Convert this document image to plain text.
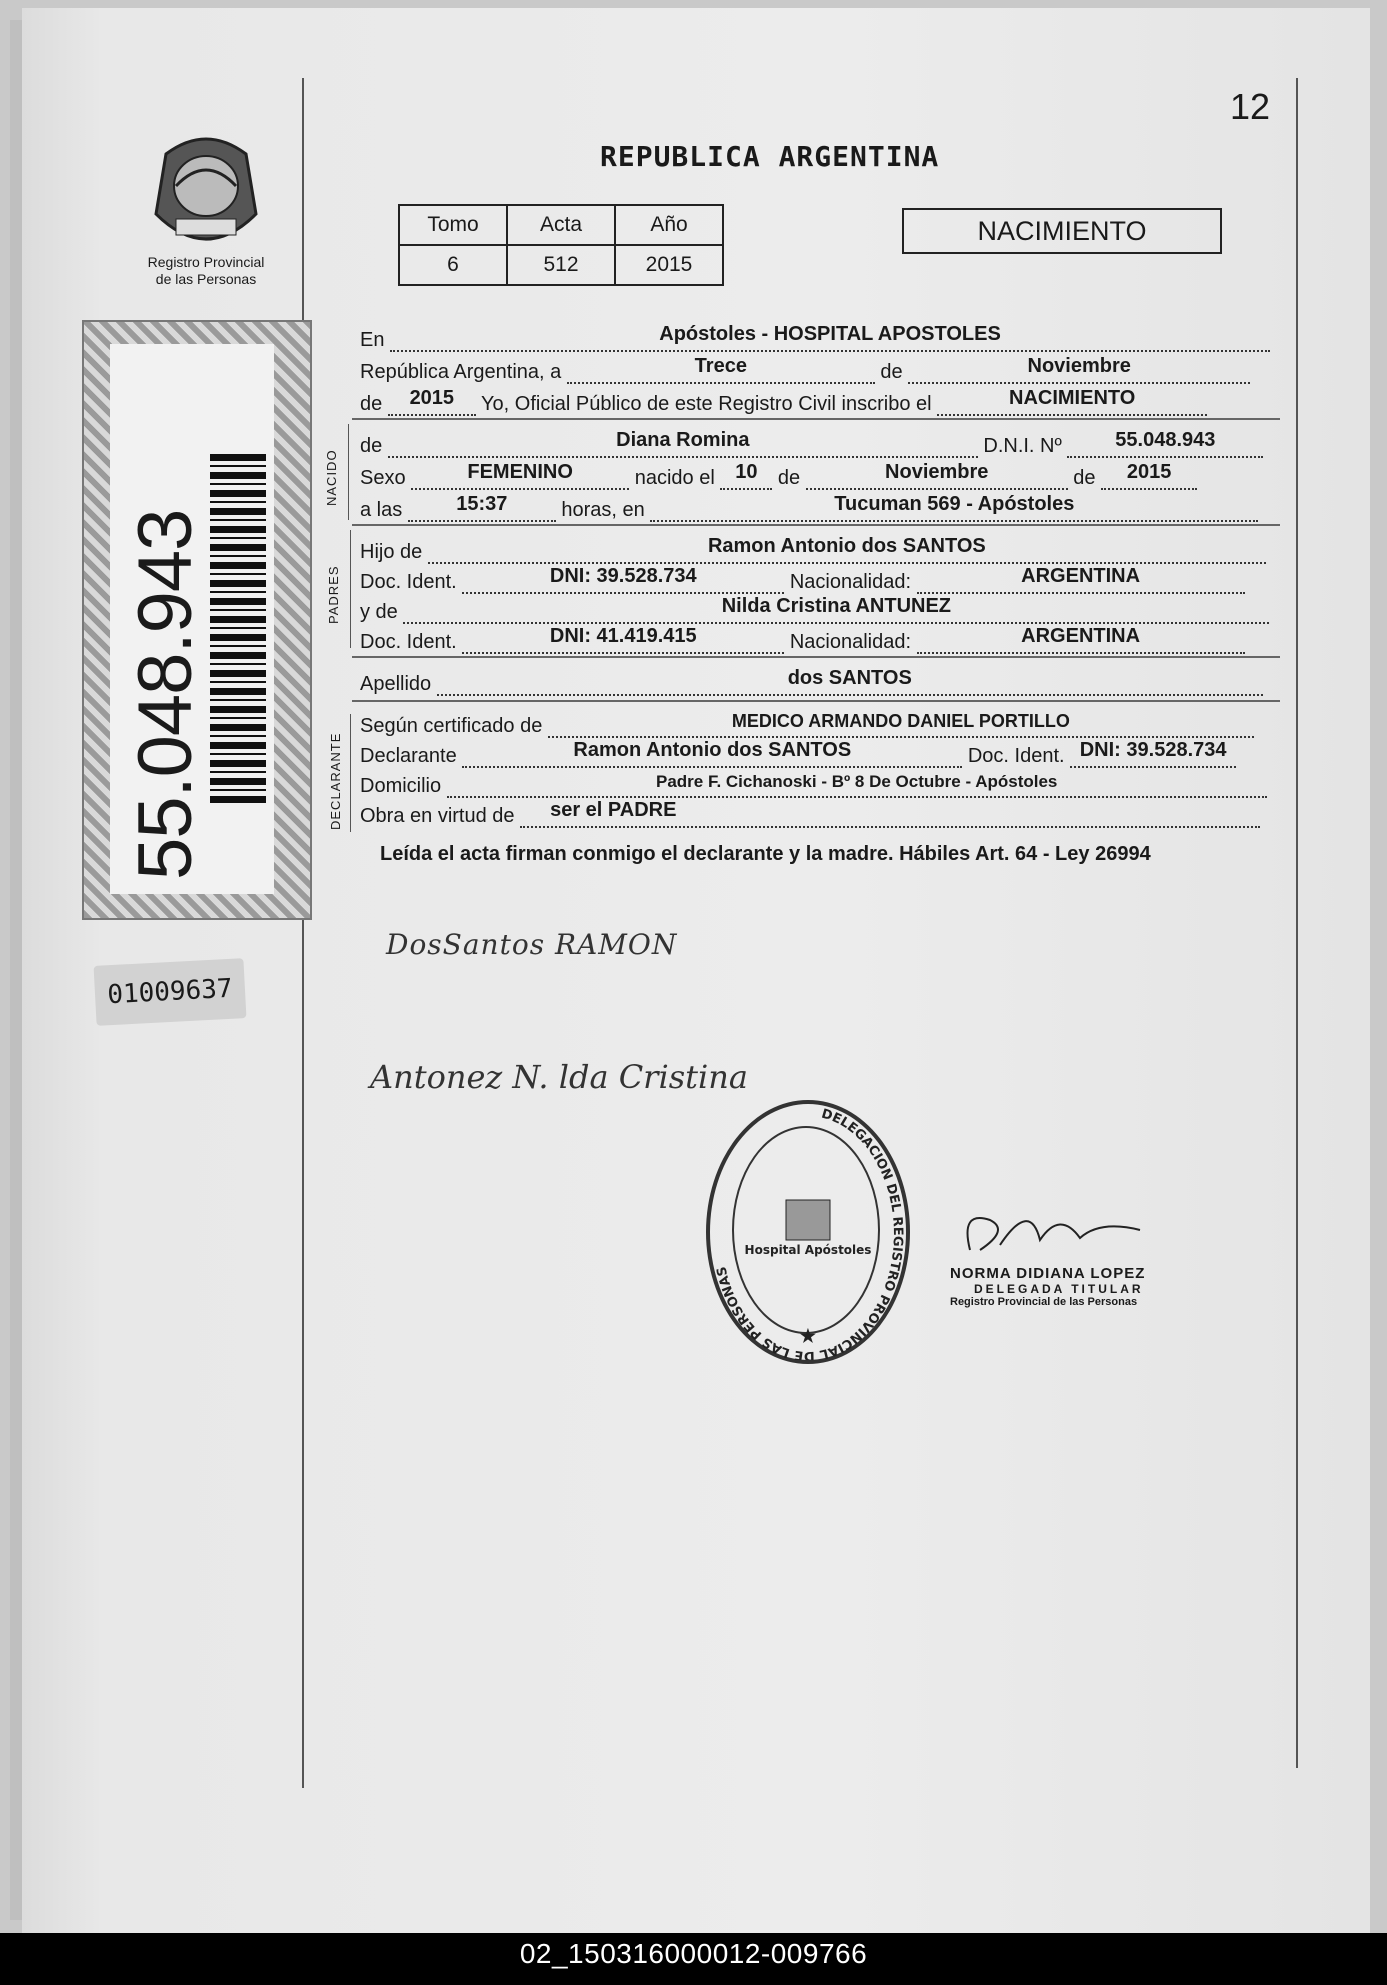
12
REPUBLICA ARGENTINA
Registro Provincial
de las Personas
Tomo	Acta	Año
6	512	2015
NACIMIENTO
55.048.943
01009637
NACIDO
PADRES
DECLARANTE
En	Apóstoles - HOSPITAL APOSTOLES
República Argentina, a	Trece	de	Noviembre
de	2015	Yo, Oficial Público de este Registro Civil inscribo el	NACIMIENTO
de	Diana Romina	D.N.I. Nº	55.048.943
Sexo	FEMENINO	nacido el	10	de	Noviembre	de	2015
a las	15:37	horas, en	Tucuman 569 - Apóstoles
Hijo de	Ramon Antonio dos SANTOS
Doc. Ident.	DNI: 39.528.734	Nacionalidad:	ARGENTINA
y de	Nilda Cristina ANTUNEZ
Doc. Ident.	DNI: 41.419.415	Nacionalidad:	ARGENTINA
Apellido	dos SANTOS
Según certificado de	MEDICO ARMANDO DANIEL PORTILLO
Declarante	Ramon Antonio dos SANTOS	Doc. Ident. DNI: 39.528.734
Domicilio	Padre F. Cichanoski - Bº 8 De Octubre - Apóstoles
Obra en virtud de ser el PADRE
Leída el acta firman conmigo el declarante y la madre. Hábiles Art. 64 - Ley 26994
DosSantos RAMON
Antonez N. lda Cristina
DELEGACION DEL REGISTRO PROVINCIAL DE LAS PERSONAS
Hospital Apóstoles
★
NORMA DIDIANA LOPEZ
DELEGADA TITULAR
Registro Provincial de las Personas
02_150316000012-009766
